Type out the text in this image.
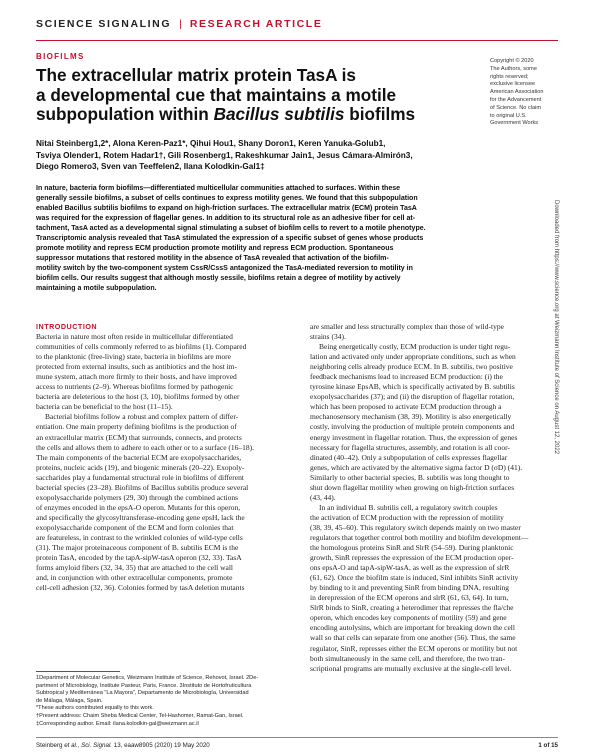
SCIENCE SIGNALING | RESEARCH ARTICLE
BIOFILMS
The extracellular matrix protein TasA is
a developmental cue that maintains a motile
subpopulation within Bacillus subtilis biofilms
Copyright © 2020
The Authors, some
rights reserved;
exclusive licensee
American Association
for the Advancement
of Science. No claim
to original U.S.
Government Works

Nitai Steinberg1,2*, Alona Keren-Paz1*, Qihui Hou1, Shany Doron1, Keren Yanuka-Golub1,
Tsviya Olender1, Rotem Hadar1†, Gili Rosenberg1, Rakeshkumar Jain1, Jesus Cámara-Almirón3,
Diego Romero3, Sven van Teeffelen2, Ilana Kolodkin-Gal1‡

In nature, bacteria form biofilms—differentiated multicellular communities attached to surfaces. Within these
generally sessile biofilms, a subset of cells continues to express motility genes. We found that this subpopulation
enabled Bacillus subtilis biofilms to expand on high-friction surfaces. The extracellular matrix (ECM) protein TasA
was required for the expression of flagellar genes. In addition to its structural role as an adhesive fiber for cell at-
tachment, TasA acted as a developmental signal stimulating a subset of biofilm cells to revert to a motile phenotype.
Transcriptomic analysis revealed that TasA stimulated the expression of a specific subset of genes whose products
promote motility and repress ECM production promote motility and repress ECM production. Spontaneous
suppressor mutations that restored motility in the absence of TasA revealed that activation of the biofilm-
motility switch by the two-component system CssR/CssS antagonized the TasA-mediated reversion to motility in
biofilm cells. Our results suggest that although mostly sessile, biofilms retain a degree of motility by actively
maintaining a motile subpopulation.

INTRODUCTION
Bacteria in nature most often reside in multicellular differentiated
communities of cells commonly referred to as biofilms (1). Compared
to the planktonic (free-living) state, bacteria in biofilms are more
protected from external insults, such as antibiotics and the host im-
mune system, attach more firmly to their hosts, and have improved
access to nutrients (2–9). Whereas biofilms formed by pathogenic
bacteria are deleterious to the host (3, 10), biofilms formed by other
bacteria can be beneficial to the host (11–15).
Bacterial biofilms follow a robust and complex pattern of differ-
entiation. One main property defining biofilms is the production of
an extracellular matrix (ECM) that surrounds, connects, and protects
the cells and allows them to adhere to each other or to a surface (16–18).
The main components of the bacterial ECM are exopolysaccharides,
proteins, nucleic acids (19), and biogenic minerals (20–22). Exopoly-
saccharides play a fundamental structural role in biofilms of different
bacterial species (23–28). Biofilms of Bacillus subtilis produce several
exopolysaccharide polymers (29, 30) through the combined actions
of enzymes encoded in the epsA-O operon. Mutants for this operon,
and specifically the glycosyltransferase-encoding gene epsH, lack the
exopolysaccharide component of the ECM and form colonies that
are featureless, in contrast to the wrinkled colonies of wild-type cells
(31). The major proteinaceous component of B. subtilis ECM is the
protein TasA, encoded by the tapA-sipW-tasA operon (32, 33). TasA
forms amyloid fibers (32, 34, 35) that are attached to the cell wall
and, in conjunction with other extracellular components, promote
cell-cell adhesion (32, 36). Colonies formed by tasA deletion mutants
are smaller and less structurally complex than those of wild-type
strains (34).
Being energetically costly, ECM production is under tight regu-
lation and activated only under appropriate conditions, such as when
neighboring cells already produce ECM. In B. subtilis, two positive
feedback mechanisms lead to increased ECM production: (i) the
tyrosine kinase EpsAB, which is specifically activated by B. subtilis
exopolysaccharides (37); and (ii) the disruption of flagellar rotation,
which has been proposed to activate ECM production through a
mechanosensory mechanism (38, 39). Motility is also energetically
costly, involving the production of multiple protein components and
energy investment in flagellar rotation. Thus, the expression of genes
necessary for flagella structures, assembly, and rotation is all coor-
dinated (40–42). Only a subpopulation of cells expresses flagellar
genes, which are activated by the alternative sigma factor D (σD) (41).
Similarly to other bacterial species, B. subtilis was long thought to
shut down flagellar motility when growing on high-friction surfaces
(43, 44).
In an individual B. subtilis cell, a regulatory switch couples
the activation of ECM production with the repression of motility
(38, 39, 45–60). This regulatory switch depends mainly on two master
regulators that together control both motility and biofilm development—
the homologous proteins SinR and SlrR (54–59). During planktonic
growth, SinR represses the expression of the ECM production oper-
ons epsA-O and tapA-sipW-tasA, as well as the expression of slrR
(61, 62). Once the biofilm state is induced, SinI inhibits SinR activity
by binding to it and preventing SinR from binding DNA, resulting
in derepression of the ECM operons and slrR (61, 63, 64). In turn,
SlrR binds to SinR, creating a heterodimer that represses the fla/che
operon, which encodes key components of motility (59) and gene
encoding autolysins, which are important for breaking down the cell
wall so that cells can separate from one another (56). Thus, the same
regulator, SinR, represses either the ECM operons or motility but not
both simultaneously in the same cell, and therefore, the two tran-
scriptional programs are mutually exclusive at the single-cell level.
1Department of Molecular Genetics, Weizmann Institute of Science, Rehovot, Israel. 2De-
partment of Microbiology, Institute Pasteur, Paris, France. 3Instituto de Hortofruticultura
Subtropical y Mediterránea "La Mayora", Departamento de Microbiología, Universidad
de Málaga, Málaga, Spain.
*These authors contributed equally to this work.
†Present address: Chaim Sheba Medical Center, Tel-Hashomer, Ramat-Gan, Israel.
‡Corresponding author. Email: ilana.kolodkin-gal@weizmann.ac.il
Steinberg et al., Sci. Signal. 13, eaaw8905 (2020) 19 May 2020	1 of 15
Downloaded from https://www.science.org at Weizmann Institute of Science on August 12, 2022
